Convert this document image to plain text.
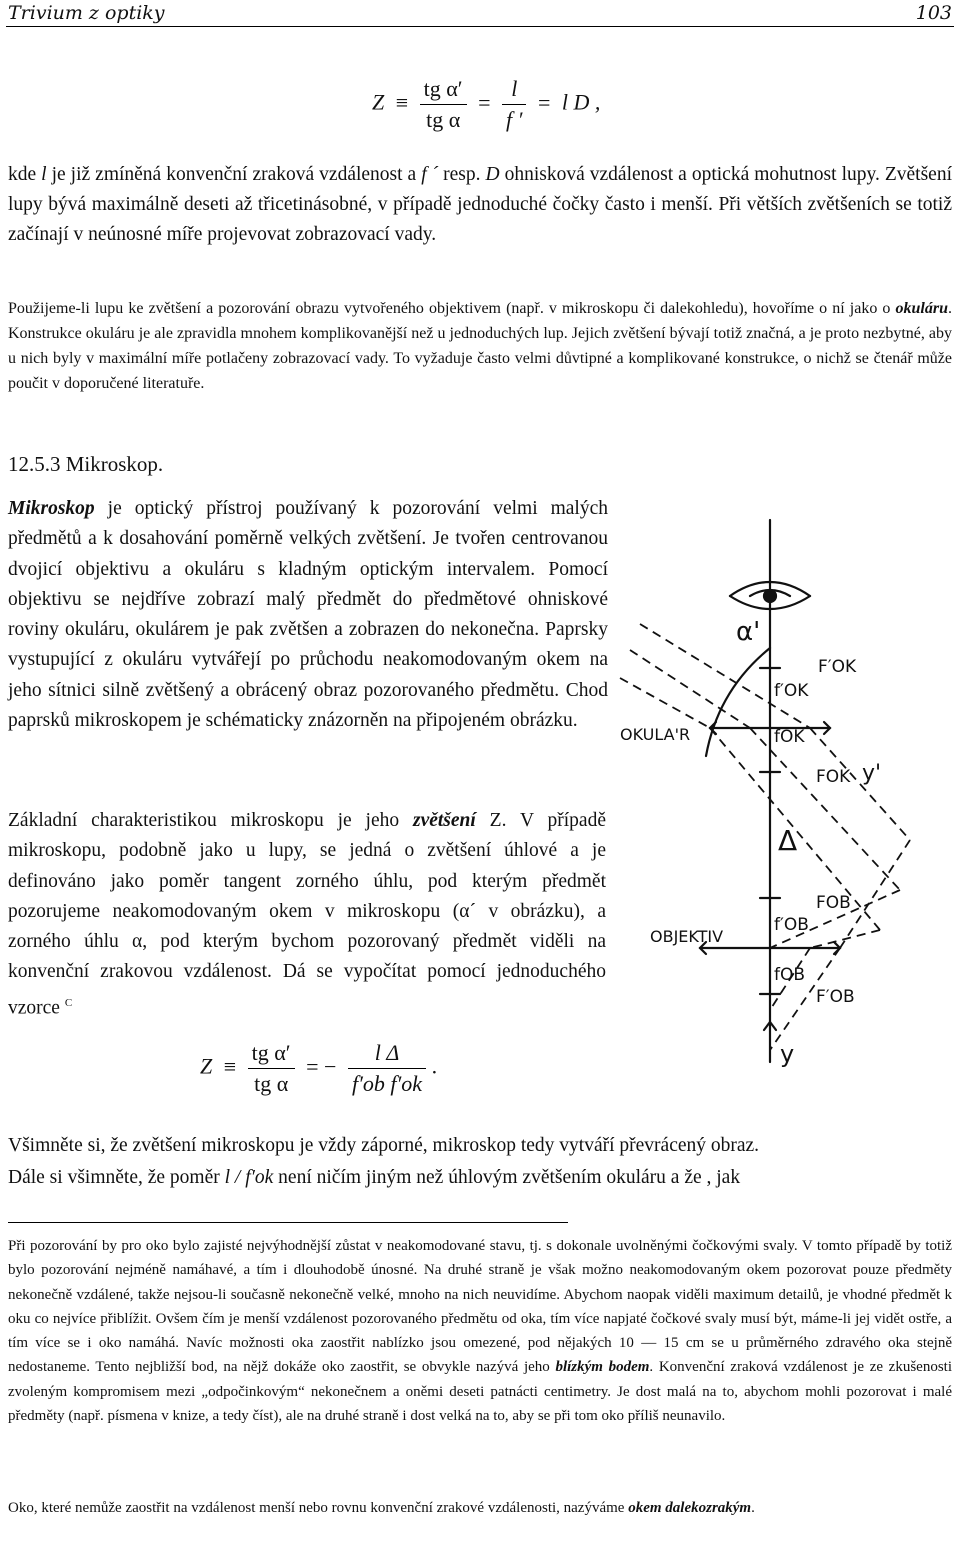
Trivium z optiky	103
$Z \equiv \frac{\text{tg α′}}{\text{tg α}} = \frac{l}{f '} = l$ D ,
kde l je již zmíněná konvenční zraková vzdálenost a f ´ resp. D ohnisková vzdálenost a optická mohutnost lupy. Zvětšení lupy bývá maximálně deseti až třicetinásobné, v případě jednoduché čočky často i menší. Při větších zvětšeních se totiž začínají v neúnosné míře projevovat zobrazovací vady.
Použijeme-li lupu ke zvětšení a pozorování obrazu vytvořeného objektivem (např. v mikroskopu či dalekohledu), hovoříme o ní jako o okuláru. Konstrukce okuláru je ale zpravidla mnohem komplikovanější než u jednoduchých lup. Jejich zvětšení bývají totiž značná, a je proto nezbytné, aby u nich byly v maximální míře potlačeny zobrazovací vady. To vyžaduje často velmi důvtipné a komplikované konstrukce, o nichž se čtenář může poučit v doporučené literatuře.
12.5.3 Mikroskop.
Mikroskop je optický přístroj používaný k pozorování velmi malých předmětů a k dosahování poměrně velkých zvětšení. Je tvořen centrovanou dvojicí objektivu a okuláru s kladným optickým intervalem. Pomocí objektivu se nejdříve zobrazí malý předmět do předmětové ohniskové roviny okuláru, okulárem je pak zvětšen a zobrazen do nekonečna. Paprsky vystupující z okuláru vytvářejí po průchodu neakomodovaným okem na jeho sítnici silně zvětšený a obrácený obraz pozorovaného předmětu. Chod paprsků mikroskopem je schématicky znázorněn na připojeném obrázku.
Základní charakteristikou mikroskopu je jeho zvětšení Z. V případě mikroskopu, podobně jako u lupy, se jedná o zvětšení úhlové a je definováno jako poměr tangent zorného úhlu, pod kterým předmět pozorujeme neakomodovaným okem v mikroskopu (α´ v obrázku), a zorného úhlu α, pod kterým bychom pozorovaný předmět viděli na konvenční zrakovou vzdálenost. Dá se vypočítat pomocí jednoduchého vzorce $^C$
$Z \equiv \frac{\text{tg α′}}{\text{tg α}}$ = − $\frac{\text{l Δ}}{\text{f′ob f′ok}}$ .
Všimněte si, že zvětšení mikroskopu je vždy záporné, mikroskop tedy vytváří převrácený obraz.
Dále si všimněte, že poměr l / f′ok není ničím jiným než úhlovým zvětšením okuláru a že , jak
Při pozorování by pro oko bylo zajisté nejvýhodnější zůstat v neakomodované stavu, tj. s dokonale uvolněnými čočkovými svaly. V tomto případě by totiž bylo pozorování nejméně namáhavé, a tím i dlouhodobě únosné. Na druhé straně je však možno neakomodovaným okem pozorovat pouze předměty nekonečně vzdálené, takže nejsou-li současně nekonečně velké, mnoho na nich neuvidíme. Abychom naopak viděli maximum detailů, je vhodné předmět k oku co nejvíce přiblížit. Ovšem čím je menší vzdálenost pozorovaného předmětu od oka, tím více napjaté čočkové svaly musí být, máme-li jej vidět ostře, a tím více se i oko namáhá. Navíc možnosti oka zaostřit nablízko jsou omezené, pod nějakých 10 — 15 cm se u průměrného zdravého oka stejně nedostaneme. Tento nejbližší bod, na nějž dokáže oko zaostřit, se obvykle nazývá jeho blízkým bodem. Konvenční zraková vzdálenost je ze zkušenosti zvoleným kompromisem mezi „odpočinkovým“ nekonečnem a oněmi deseti patnácti centimetry. Je dost malá na to, abychom mohli pozorovat i malé předměty (např. písmena v knize, a tedy číst), ale na druhé straně i dost velká na to, aby se při tom oko příliš neunavilo.
Oko, které nemůže zaostřit na vzdálenost menší nebo rovnu konvenční zrakové vzdálenosti, nazýváme okem dalekozrakým.
α'
F′OK
f′OK
fOK
OKULA'R
FOK y'
Δ
FOB
OBJEKTIV
f′OB
fOB
F′OB
y
